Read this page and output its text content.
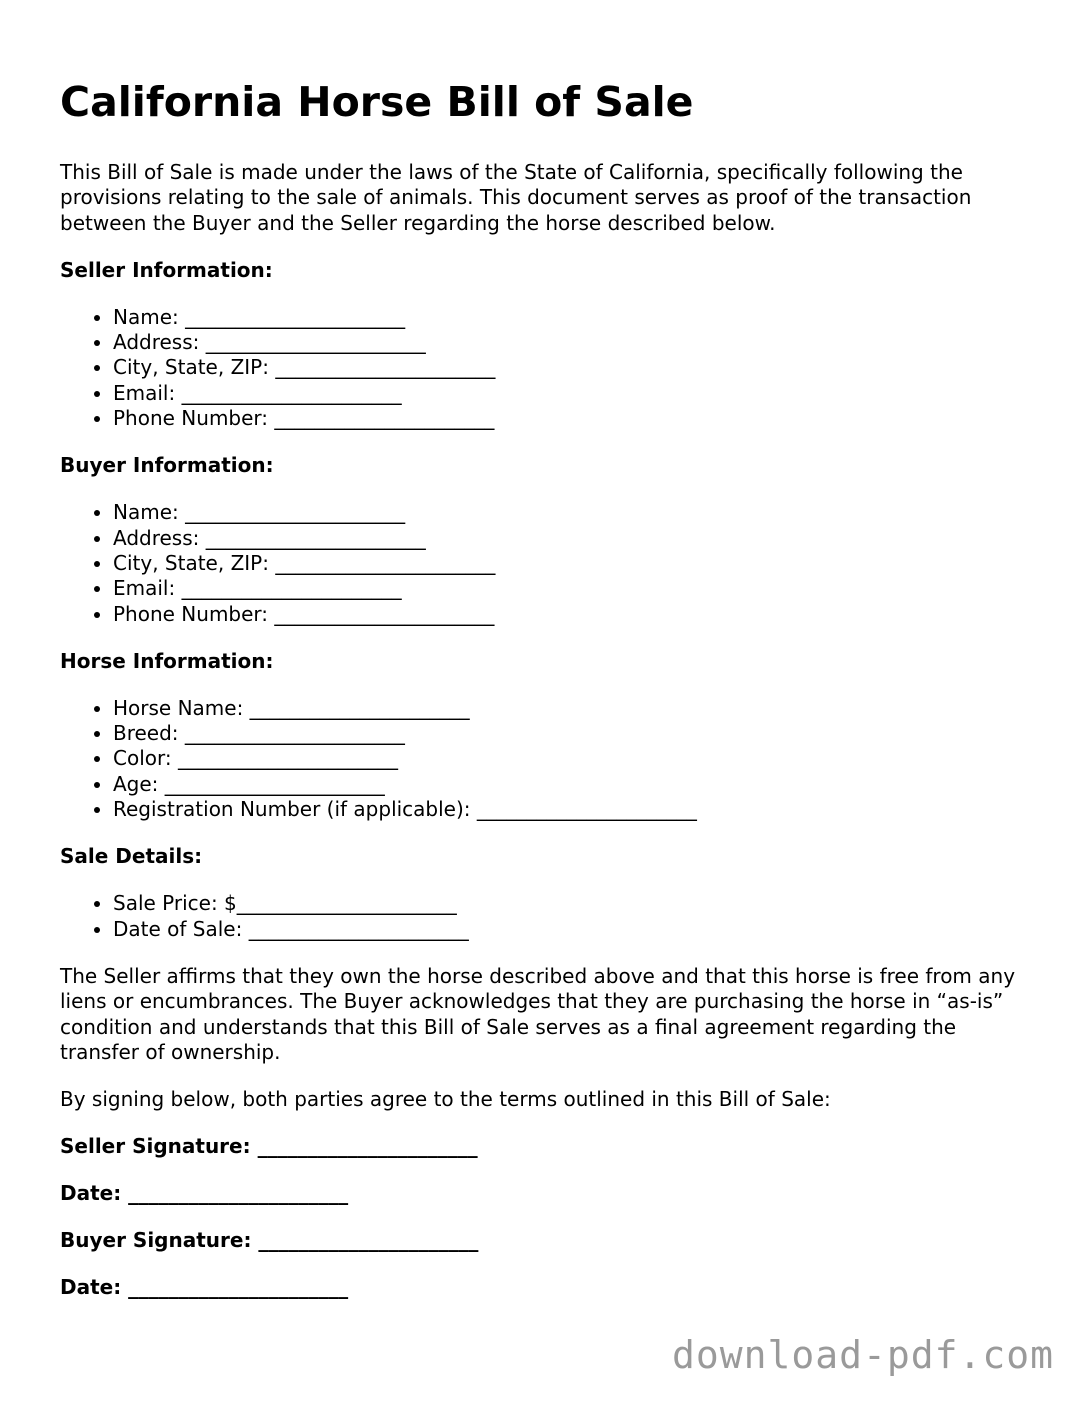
California Horse Bill of Sale

This Bill of Sale is made under the laws of the State of California, specifically following the provisions relating to the sale of animals. This document serves as proof of the transaction between the Buyer and the Seller regarding the horse described below.

Seller Information:
• Name: ______________________
• Address: ______________________
• City, State, ZIP: ______________________
• Email: ______________________
• Phone Number: ______________________
Buyer Information:
• Name: ______________________
• Address: ______________________
• City, State, ZIP: ______________________
• Email: ______________________
• Phone Number: ______________________
Horse Information:
• Horse Name: ______________________
• Breed: ______________________
• Color: ______________________
• Age: ______________________
• Registration Number (if applicable): ______________________
Sale Details:
• Sale Price: $______________________
• Date of Sale: ______________________

The Seller affirms that they own the horse described above and that this horse is free from any liens or encumbrances. The Buyer acknowledges that they are purchasing the horse in “as-is” condition and understands that this Bill of Sale serves as a final agreement regarding the transfer of ownership.

By signing below, both parties agree to the terms outlined in this Bill of Sale:

Seller Signature: ______________________
Date: ______________________
Buyer Signature: ______________________
Date: ______________________
download-pdf.com
